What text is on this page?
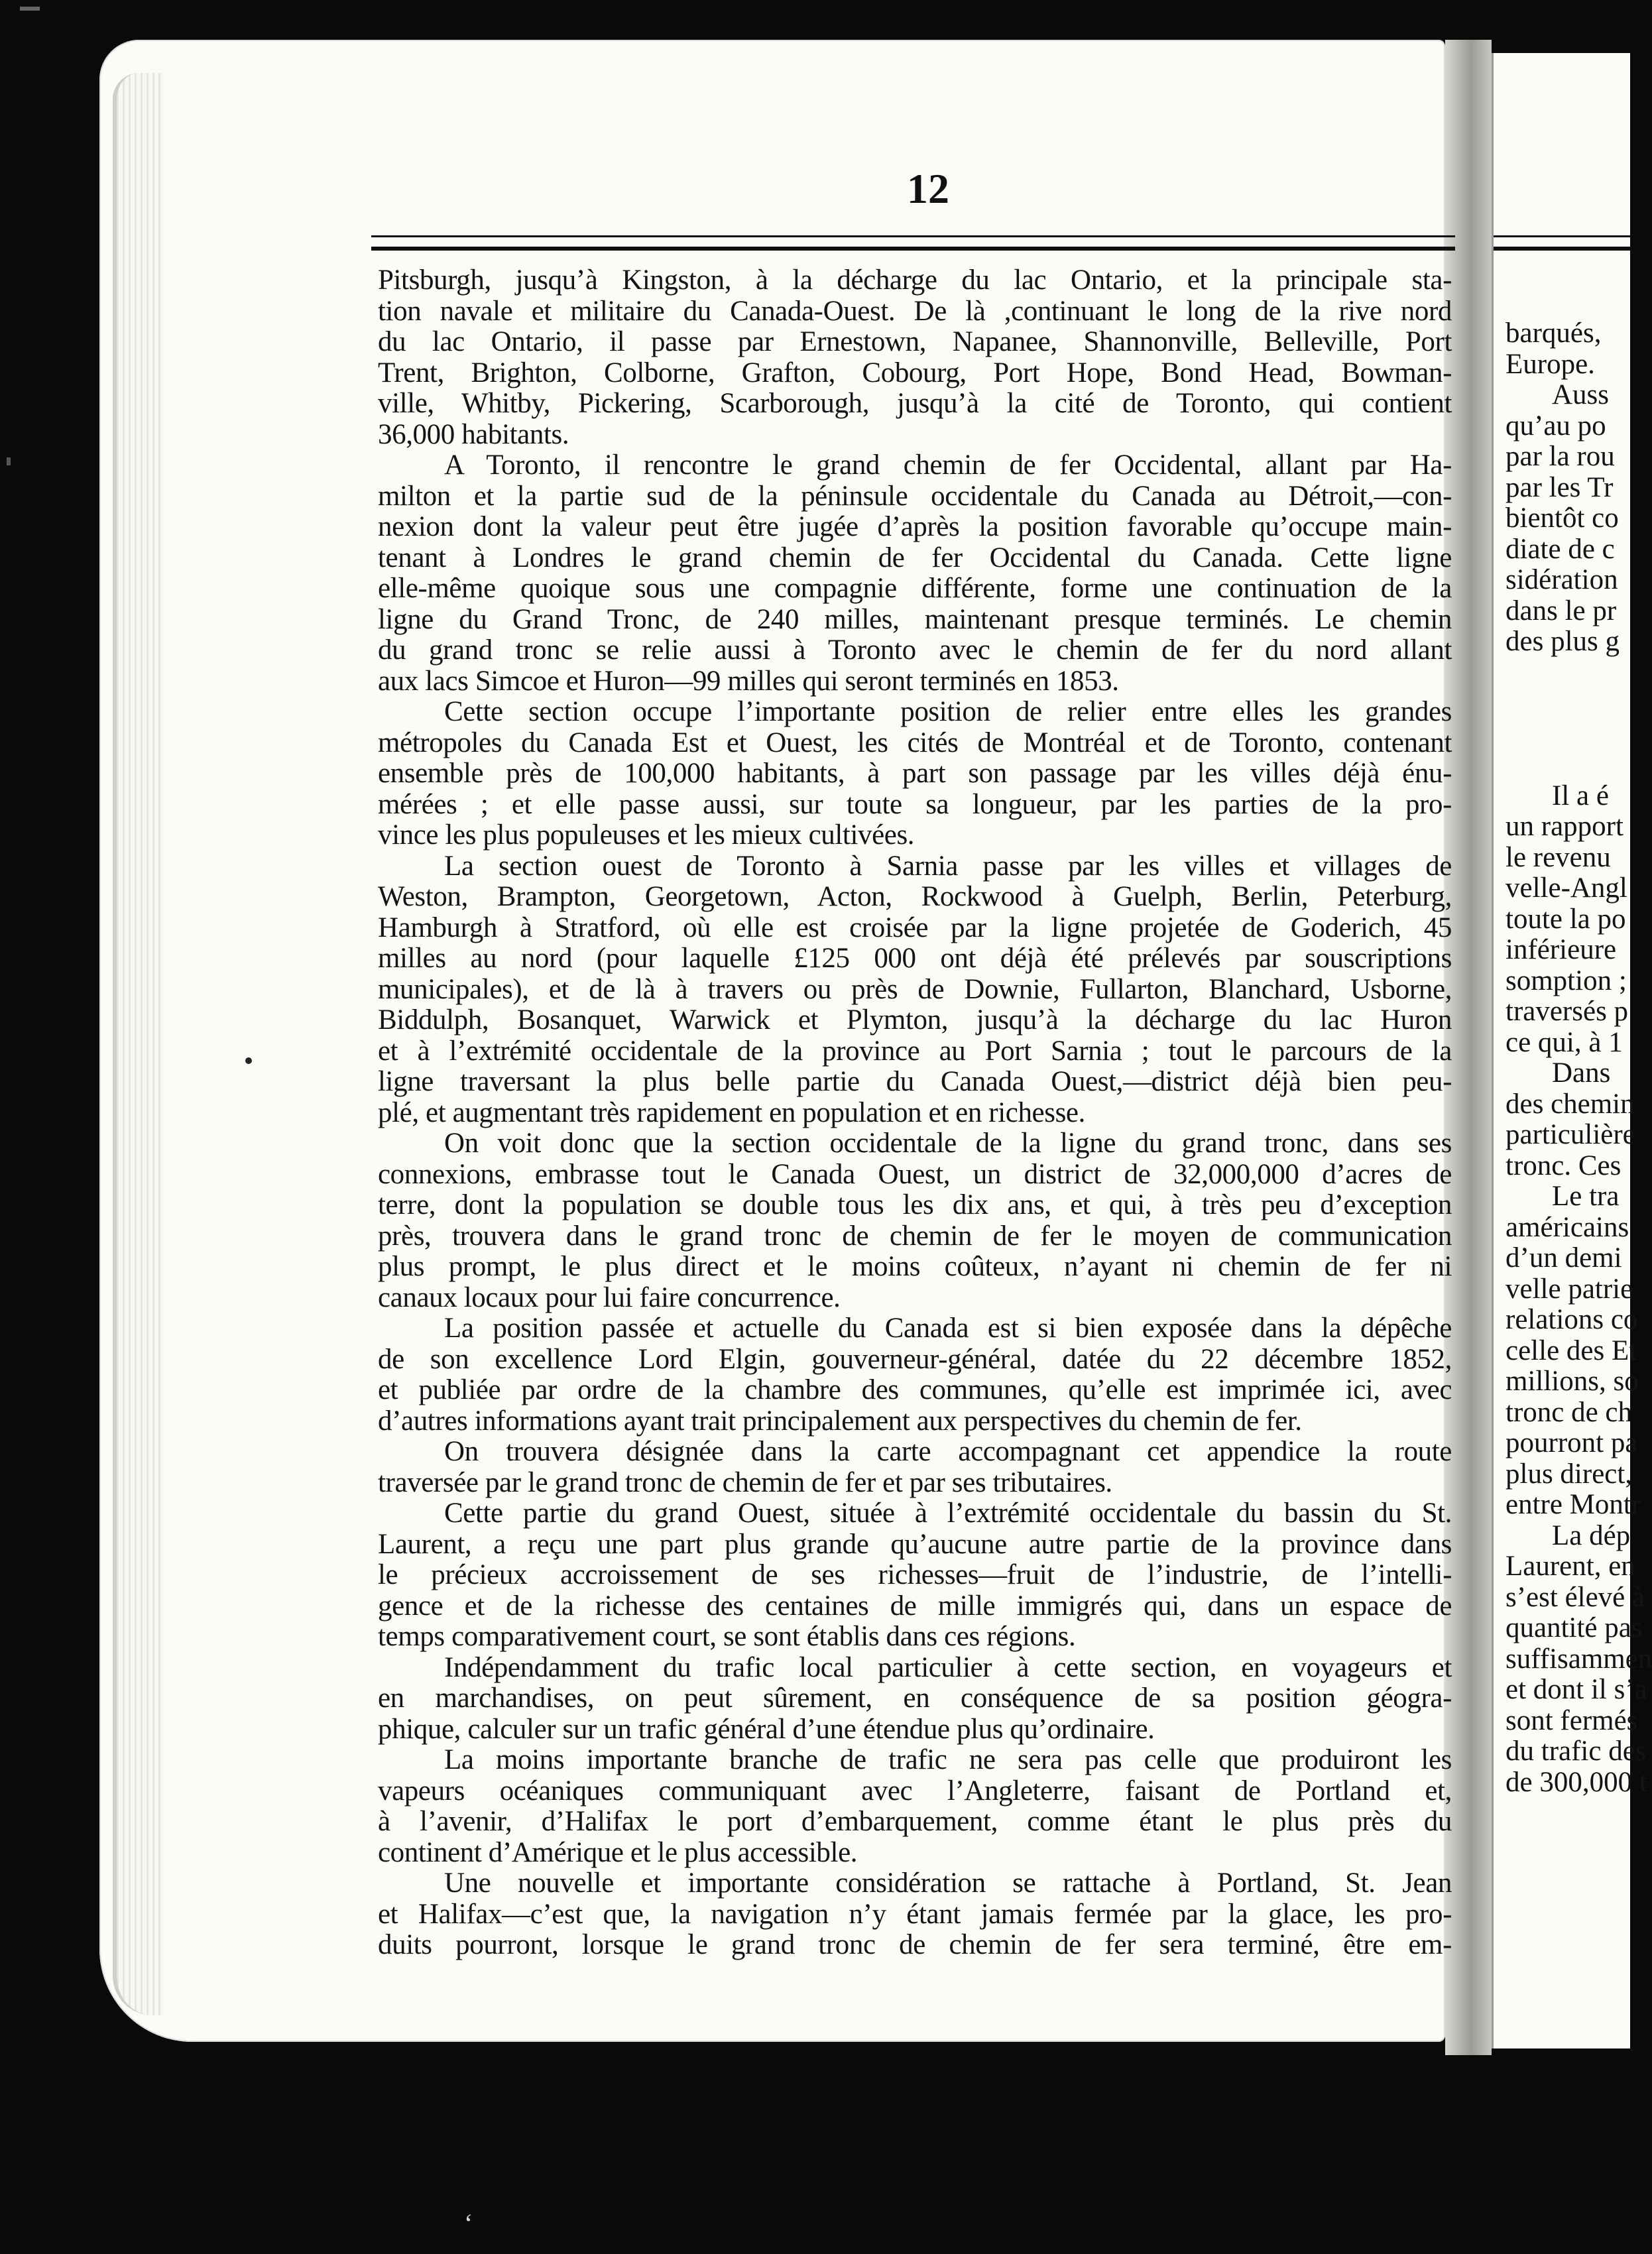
barqués,
Europe.
Auss
qu’au po
par la rou
par les Tr
bientôt co
diate de c
sidération
dans le pr
des plus g
Il a é
un rapport
le revenu
velle-Angl
toute la po
inférieure
somption ;
traversés p
ce qui, à 1
Dans
des chemin
particulière
tronc. Ces
Le tra
américains
d’un demi
velle patrie
relations co
celle des Et
millions, so
tronc de ch
pourront pa
plus direct,
entre Montr
La dép
Laurent, en
s’est élevé à
quantité pas
suffisammen
et dont il s’a
sont fermés
du trafic des
de 300,000 t
12
Pitsburgh, jusqu’à Kingston, à la décharge du lac Ontario, et la principale sta-
tion navale et militaire du Canada-Ouest. De là ,continuant le long de la rive nord
du lac Ontario, il passe par Ernestown, Napanee, Shannonville, Belleville, Port
Trent, Brighton, Colborne, Grafton, Cobourg, Port Hope, Bond Head, Bowman-
ville, Whitby, Pickering, Scarborough, jusqu’à la cité de Toronto, qui contient
36,000 habitants.
A Toronto, il rencontre le grand chemin de fer Occidental, allant par Ha-
milton et la partie sud de la péninsule occidentale du Canada au Détroit,—con-
nexion dont la valeur peut être jugée d’après la position favorable qu’occupe main-
tenant à Londres le grand chemin de fer Occidental du Canada. Cette ligne
elle-même quoique sous une compagnie différente, forme une continuation de la
ligne du Grand Tronc, de 240 milles, maintenant presque terminés. Le chemin
du grand tronc se relie aussi à Toronto avec le chemin de fer du nord allant
aux lacs Simcoe et Huron—99 milles qui seront terminés en 1853.
Cette section occupe l’importante position de relier entre elles les grandes
métropoles du Canada Est et Ouest, les cités de Montréal et de Toronto, contenant
ensemble près de 100,000 habitants, à part son passage par les villes déjà énu-
mérées ; et elle passe aussi, sur toute sa longueur, par les parties de la pro-
vince les plus populeuses et les mieux cultivées.
La section ouest de Toronto à Sarnia passe par les villes et villages de
Weston, Brampton, Georgetown, Acton, Rockwood à Guelph, Berlin, Peterburg,
Hamburgh à Stratford, où elle est croisée par la ligne projetée de Goderich, 45
milles au nord (pour laquelle £125 000 ont déjà été prélevés par souscriptions
municipales), et de là à travers ou près de Downie, Fullarton, Blanchard, Usborne,
Biddulph, Bosanquet, Warwick et Plymton, jusqu’à la décharge du lac Huron
et à l’extrémité occidentale de la province au Port Sarnia ; tout le parcours de la
ligne traversant la plus belle partie du Canada Ouest,—district déjà bien peu-
plé, et augmentant très rapidement en population et en richesse.
On voit donc que la section occidentale de la ligne du grand tronc, dans ses
connexions, embrasse tout le Canada Ouest, un district de 32,000,000 d’acres de
terre, dont la population se double tous les dix ans, et qui, à très peu d’exception
près, trouvera dans le grand tronc de chemin de fer le moyen de communication
plus prompt, le plus direct et le moins coûteux, n’ayant ni chemin de fer ni
canaux locaux pour lui faire concurrence.
La position passée et actuelle du Canada est si bien exposée dans la dépêche
de son excellence Lord Elgin, gouverneur-général, datée du 22 décembre 1852,
et publiée par ordre de la chambre des communes, qu’elle est imprimée ici, avec
d’autres informations ayant trait principalement aux perspectives du chemin de fer.
On trouvera désignée dans la carte accompagnant cet appendice la route
traversée par le grand tronc de chemin de fer et par ses tributaires.
Cette partie du grand Ouest, située à l’extrémité occidentale du bassin du St.
Laurent, a reçu une part plus grande qu’aucune autre partie de la province dans
le précieux accroissement de ses richesses—fruit de l’industrie, de l’intelli-
gence et de la richesse des centaines de mille immigrés qui, dans un espace de
temps comparativement court, se sont établis dans ces régions.
Indépendamment du trafic local particulier à cette section, en voyageurs et
en marchandises, on peut sûrement, en conséquence de sa position géogra-
phique, calculer sur un trafic général d’une étendue plus qu’ordinaire.
La moins importante branche de trafic ne sera pas celle que produiront les
vapeurs océaniques communiquant avec l’Angleterre, faisant de Portland et,
à l’avenir, d’Halifax le port d’embarquement, comme étant le plus près du
continent d’Amérique et le plus accessible.
Une nouvelle et importante considération se rattache à Portland, St. Jean
et Halifax—c’est que, la navigation n’y étant jamais fermée par la glace, les pro-
duits pourront, lorsque le grand tronc de chemin de fer sera terminé, être em-
‘
